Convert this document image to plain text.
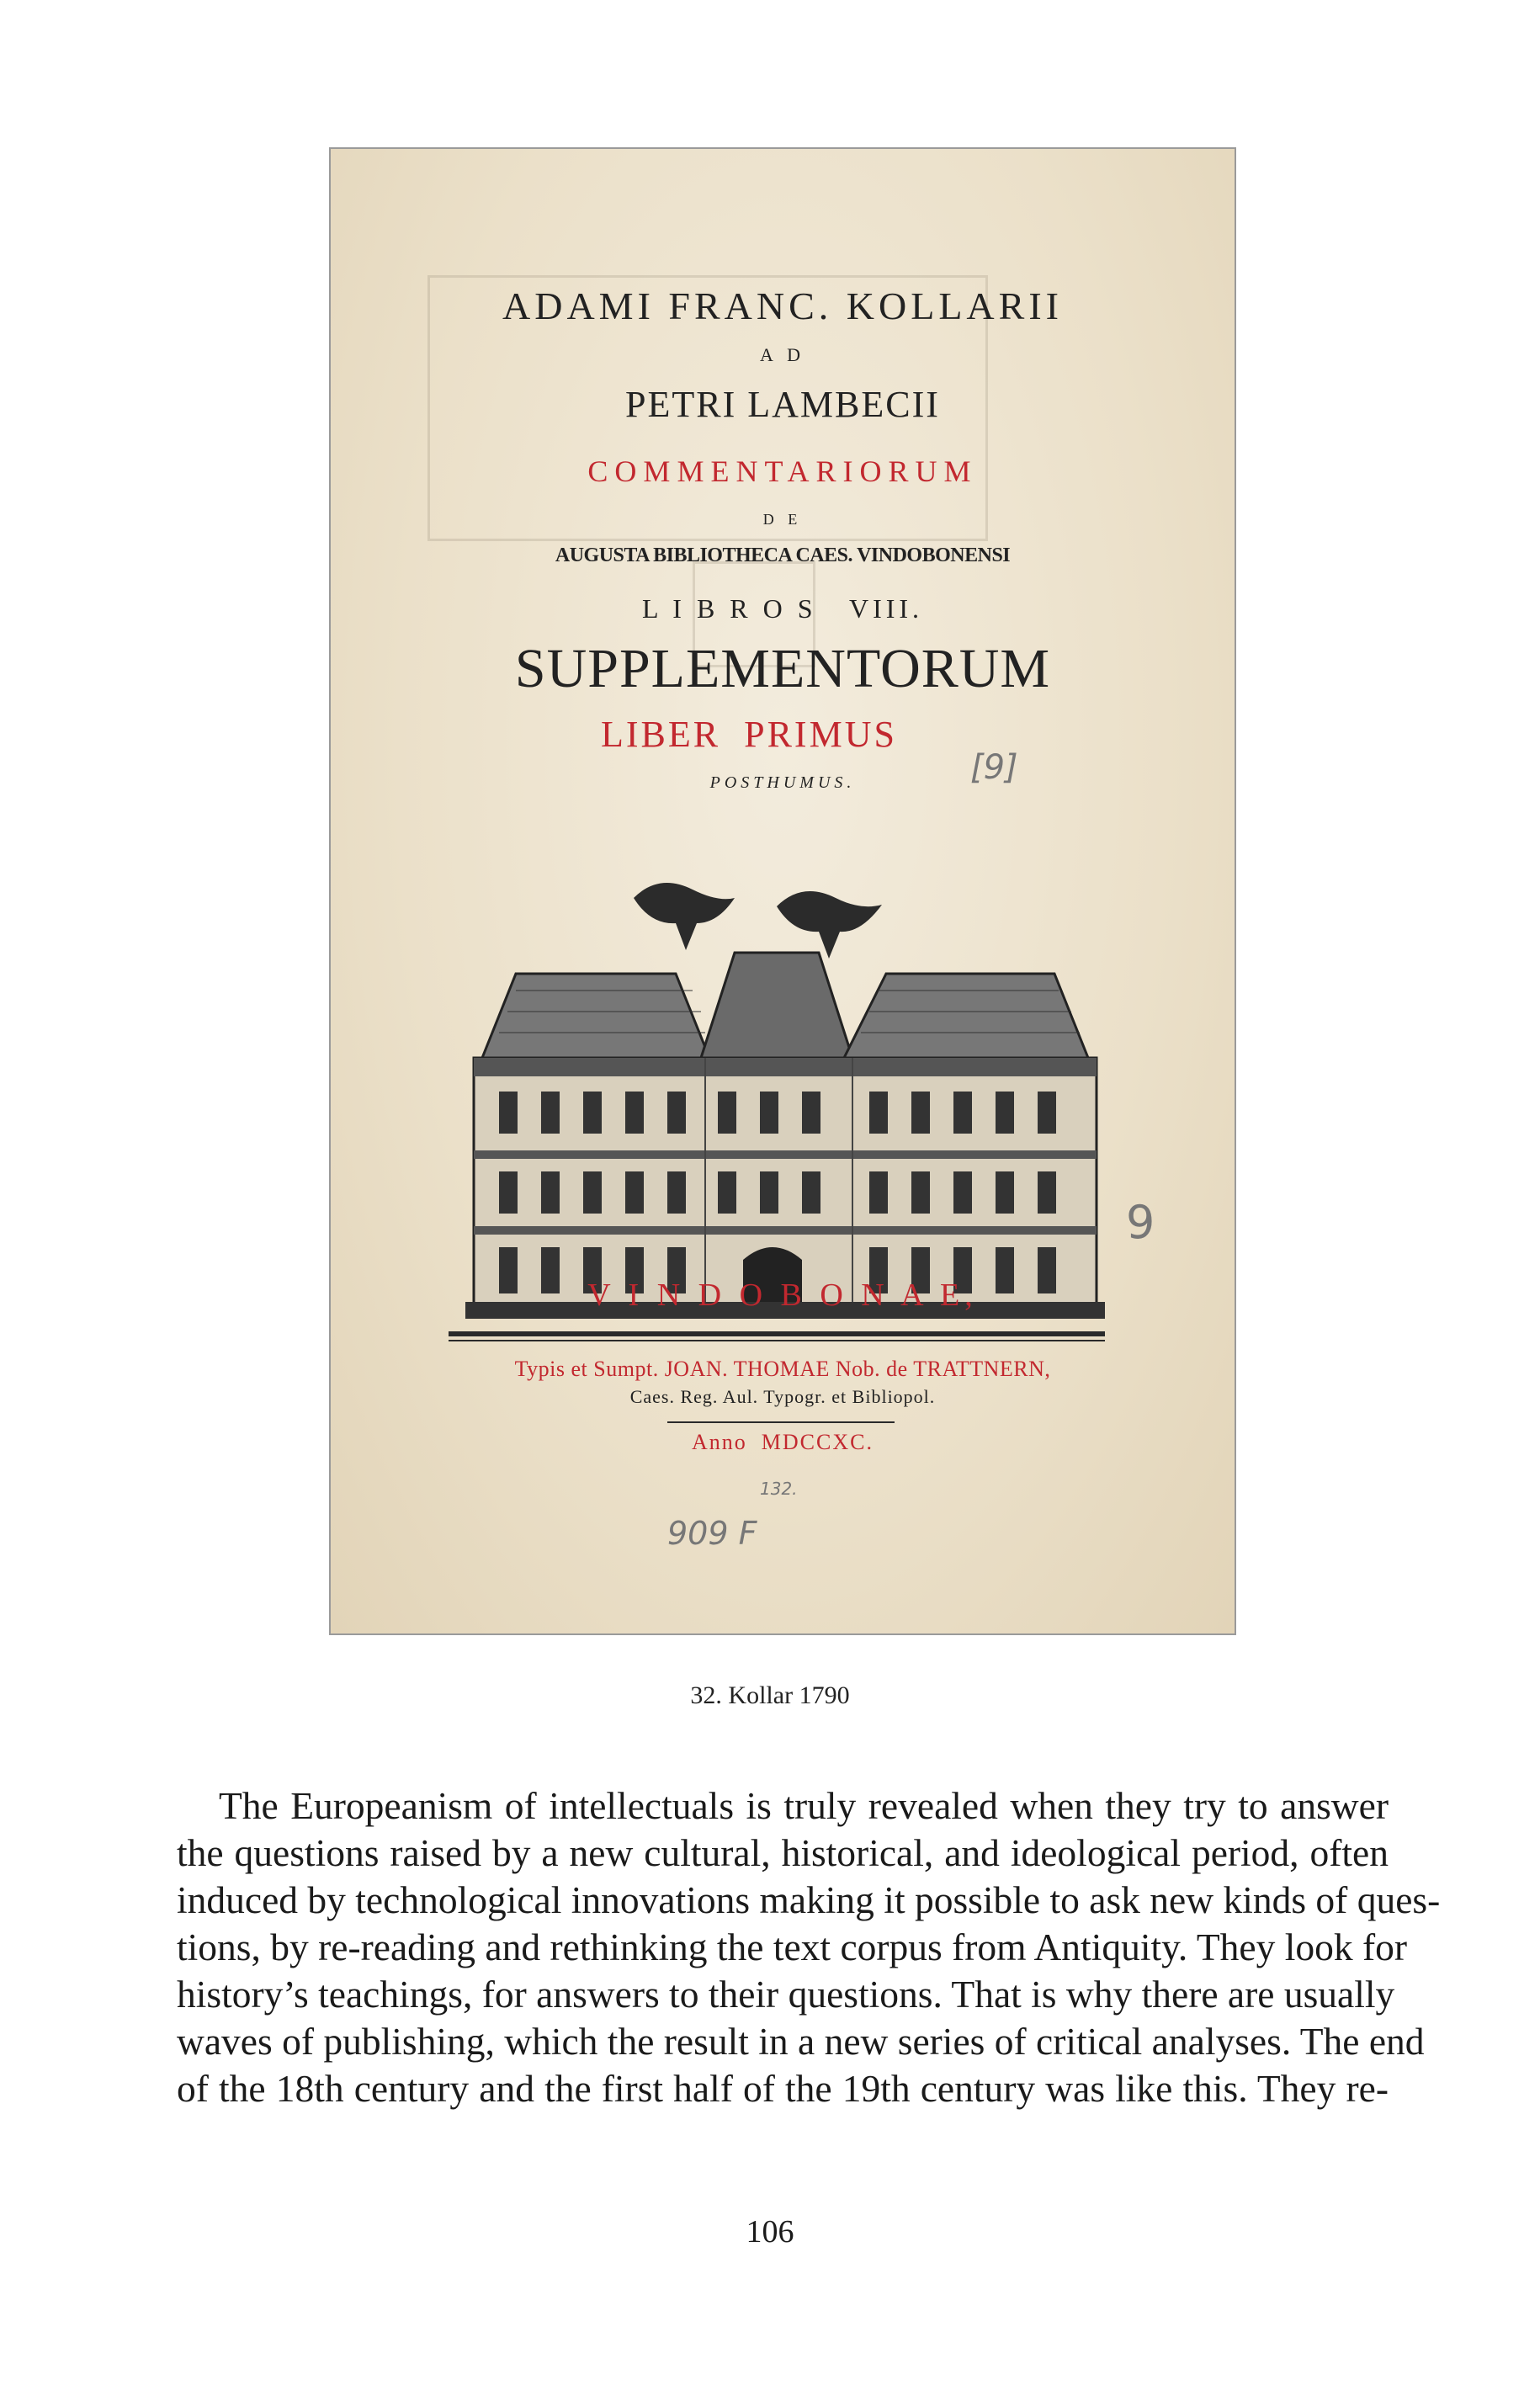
ADAMI FRANC. KOLLARII

A D

PETRI LAMBECII

COMMENTARIORUM

D E

AUGUSTA BIBLIOTHECA CAES. VINDOBONENSI

L I B R O S   VIII.

SUPPLEMENTORUM

LIBER  PRIMUS

[9]

POSTHUMUS.

9

V I N D O B O N A E,

Typis et Sumpt. JOAN. THOMAE Nob. de TRATTNERN,

Caes. Reg. Aul. Typogr. et Bibliopol.

Anno  MDCCXC.

132.

909 F

32. Kollar 1790

The Europeanism of intellectuals is truly revealed when they try to answer
the questions raised by a new cultural, historical, and ideological period, often
induced by technological innovations making it possible to ask new kinds of ques-
tions, by re-reading and rethinking the text corpus from Antiquity. They look for
history’s teachings, for answers to their questions. That is why there are usually
waves of publishing, which the result in a new series of critical analyses. The end
of the 18th century and the first half of the 19th century was like this. They re-

106
